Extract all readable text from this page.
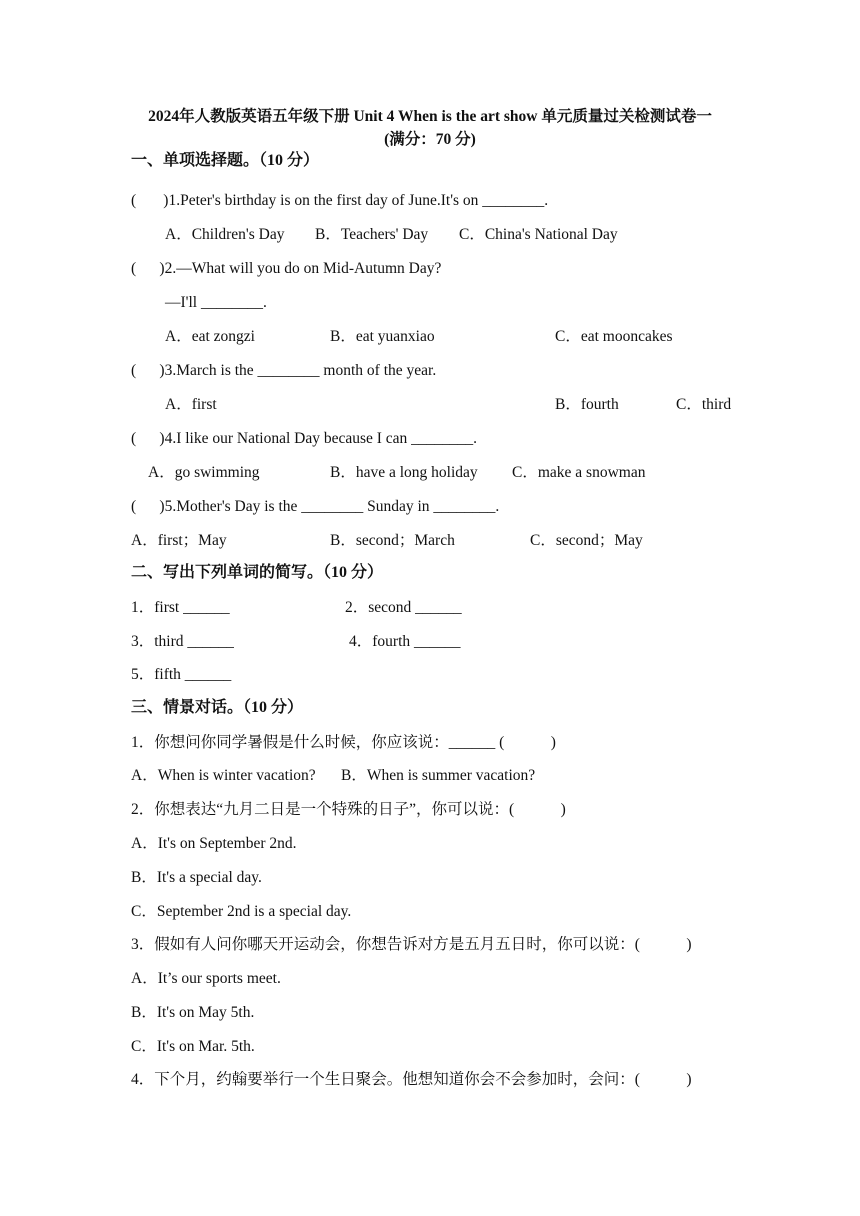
2024年人教版英语五年级下册 Unit 4 When is the art show 单元质量过关检测试卷一
(满分：70 分)
一、单项选择题。（10 分）
(       )1.Peter's birthday is on the first day of June.It's on ________.
A．Children's Day B．Teachers' Day C．China's National Day
(      )2.—What will you do on Mid-Autumn Day?
—I'll ________.
A．eat zongzi	B．eat yuanxiao	C．eat mooncakes
(      )3.March is the ________ month of the year.
A．first	B．fourth	C．third
(      )4.I like our National Day because I can ________.
A．go swimming	B．have a long holiday C．make a snowman
(      )5.Mother's Day is the ________ Sunday in ________.
A．first；May	B．second；March	C．second；May
二、写出下列单词的简写。（10 分）
1．first ______	2．second ______
3．third ______	4．fourth ______
5．fifth ______
三、情景对话。（10 分）
1．你想问你同学暑假是什么时候，你应该说：______ (            )
A．When is winter vacation? B．When is summer vacation?
2．你想表达“九月二日是一个特殊的日子”，你可以说：(            )
A．It's on September 2nd.
B．It's a special day.
C．September 2nd is a special day.
3．假如有人问你哪天开运动会，你想告诉对方是五月五日时，你可以说：(            )
A．It’s our sports meet.
B．It's on May 5th.
C．It's on Mar. 5th.
4．下个月，约翰要举行一个生日聚会。他想知道你会不会参加时，会问：(            )
